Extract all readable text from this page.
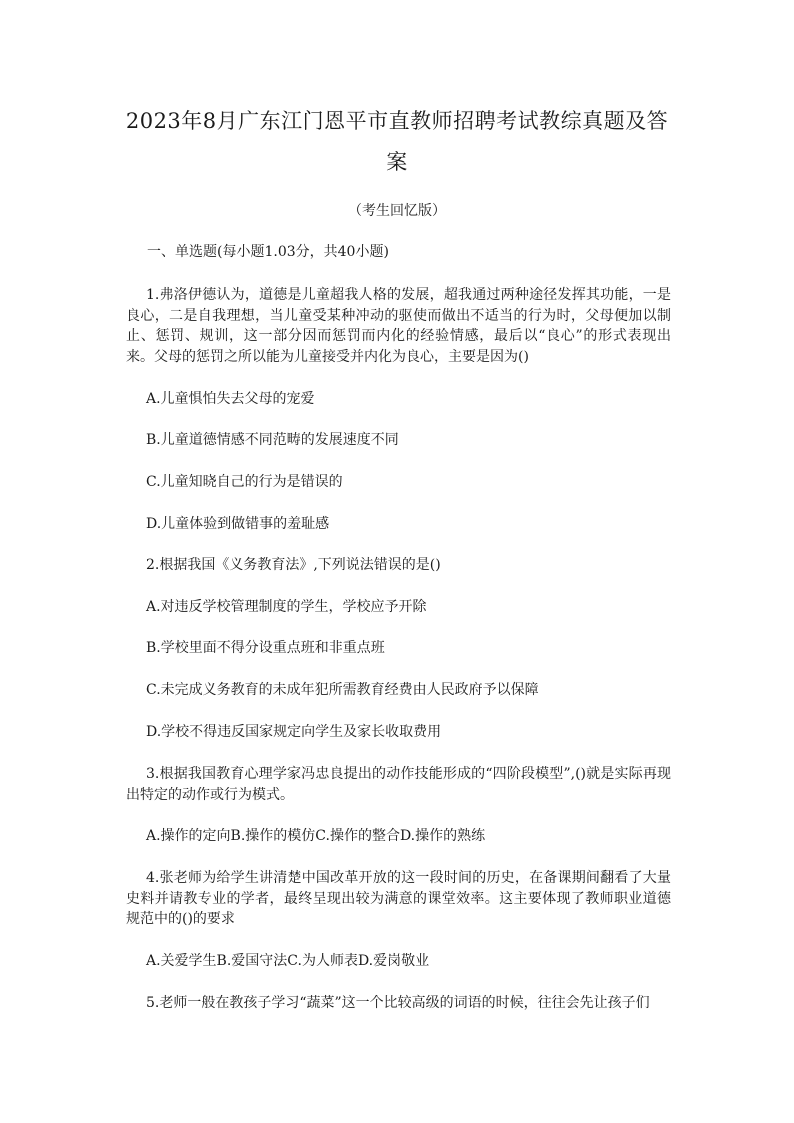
2023年8月广东江门恩平市直教师招聘考试教综真题及答
案
（考生回忆版）

一、单选题(每小题1.03分，共40小题)

1.弗洛伊德认为，道德是儿童超我人格的发展，超我通过两种途径发挥其功能，一是良心，二是自我理想，当儿童受某种冲动的驱使而做出不适当的行为时，父母便加以制止、惩罚、规训，这一部分因而惩罚而内化的经验情感，最后以“良心”的形式表现出来。父母的惩罚之所以能为儿童接受并内化为良心，主要是因为()

A.儿童惧怕失去父母的宠爱

B.儿童道德情感不同范畴的发展速度不同

C.儿童知晓自己的行为是错误的

D.儿童体验到做错事的羞耻感

2.根据我国《义务教育法》,下列说法错误的是()

A.对违反学校管理制度的学生，学校应予开除

B.学校里面不得分设重点班和非重点班

C.未完成义务教育的未成年犯所需教育经费由人民政府予以保障

D.学校不得违反国家规定向学生及家长收取费用

3.根据我国教育心理学家冯忠良提出的动作技能形成的“四阶段模型”,()就是实际再现出特定的动作或行为模式。

A.操作的定向B.操作的模仿C.操作的整合D.操作的熟练

4.张老师为给学生讲清楚中国改革开放的这一段时间的历史，在备课期间翻看了大量史料并请教专业的学者，最终呈现出较为满意的课堂效率。这主要体现了教师职业道德规范中的()的要求

A.关爱学生B.爱国守法C.为人师表D.爱岗敬业

5.老师一般在教孩子学习“蔬菜”这一个比较高级的词语的时候，往往会先让孩子们
